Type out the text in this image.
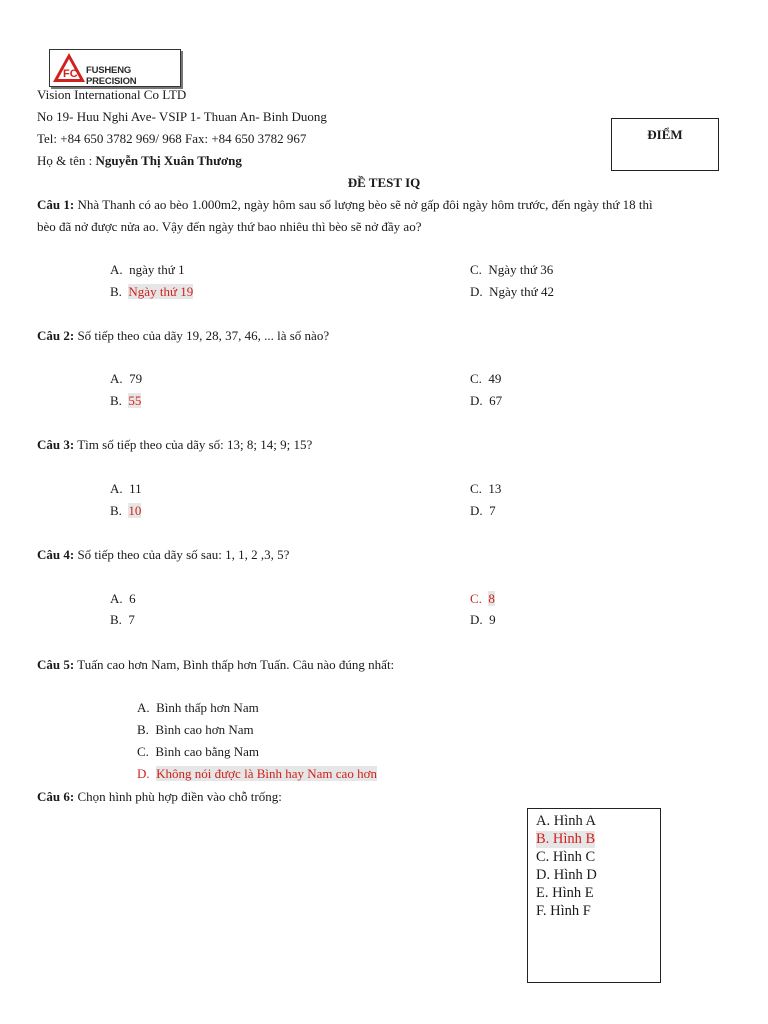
FC FUSHENG PRECISION
Vision International Co LTD
No 19- Huu Nghi Ave- VSIP 1- Thuan An- Binh Duong
Tel: +84 650 3782 969/ 968 Fax: +84 650 3782 967
Họ & tên : Nguyễn Thị Xuân Thương
ĐIỂM
ĐỀ TEST IQ
Câu 1: Nhà Thanh có ao bèo 1.000m2, ngày hôm sau số lượng bèo sẽ nở gấp đôi ngày hôm trước, đến ngày thứ 18 thì
bèo đã nở được nửa ao. Vậy đến ngày thứ bao nhiêu thì bèo sẽ nở đầy ao?
A. ngày thứ 1
B. Ngày thứ 19
C. Ngày thứ 36
D. Ngày thứ 42
Câu 2: Số tiếp theo của dãy 19, 28, 37, 46, ... là số nào?
A. 79
B. 55
C. 49
D. 67
Câu 3: Tìm số tiếp theo của dãy số: 13; 8; 14; 9; 15?
A. 11
B. 10
C. 13
D. 7
Câu 4: Số tiếp theo của dãy số sau: 1, 1, 2 ,3, 5?
A. 6
B. 7
C. 8
D. 9
Câu 5: Tuấn cao hơn Nam, Bình thấp hơn Tuấn. Câu nào đúng nhất:
A. Bình thấp hơn Nam
B. Bình cao hơn Nam
C. Bình cao bằng Nam
D. Không nói được là Bình hay Nam cao hơn
Câu 6: Chọn hình phù hợp điền vào chỗ trống:
A. Hình A
B. Hình B
C. Hình C
D. Hình D
E. Hình E
F. Hình F
